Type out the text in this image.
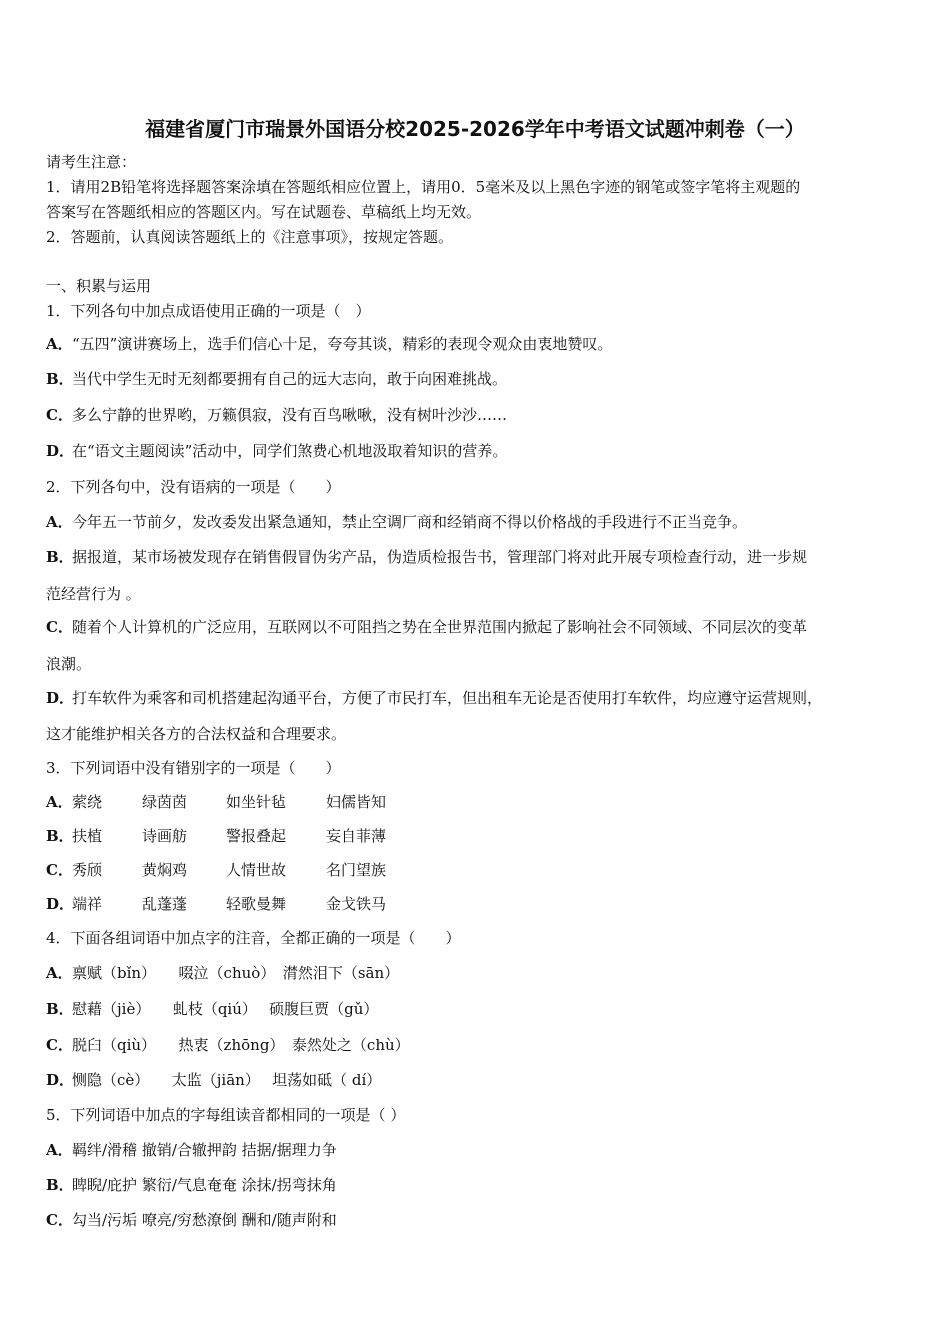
福建省厦门市瑞景外国语分校2025-2026学年中考语文试题冲刺卷（一）
请考生注意：
1．请用2B铅笔将选择题答案涂填在答题纸相应位置上，请用0．5毫米及以上黑色字迹的钢笔或签字笔将主观题的
答案写在答题纸相应的答题区内。写在试题卷、草稿纸上均无效。
2．答题前，认真阅读答题纸上的《注意事项》，按规定答题。
一、积累与运用
1．下列各句中加点成语使用正确的一项是（　）
A．“五四”演讲赛场上，选手们信心十足，夸夸其谈，精彩的表现令观众由衷地赞叹。
B．当代中学生无时无刻都要拥有自己的远大志向，敢于向困难挑战。
C．多么宁静的世界哟，万籁俱寂，没有百鸟啾啾，没有树叶沙沙……
D．在“语文主题阅读”活动中，同学们煞费心机地汲取着知识的营养。
2．下列各句中，没有语病的一项是（　　）
A．今年五一节前夕，发改委发出紧急通知，禁止空调厂商和经销商不得以价格战的手段进行不正当竞争。
B．据报道，某市场被发现存在销售假冒伪劣产品，伪造质检报告书，管理部门将对此开展专项检查行动，进一步规
范经营行为 。
C．随着个人计算机的广泛应用，互联网以不可阻挡之势在全世界范围内掀起了影响社会不同领域、不同层次的变革
浪潮。
D．打车软件为乘客和司机搭建起沟通平台，方便了市民打车，但出租车无论是否使用打车软件，均应遵守运营规则，
这才能维护相关各方的合法权益和合理要求。
3．下列词语中没有错别字的一项是（　　）
A．萦绕	绿茵茵	如坐针毡	妇儒皆知
B．扶植	诗画舫	警报叠起	妄自菲薄
C．秀颀	黄焖鸡	人情世故	名门望族
D．端祥	乱蓬蓬	轻歌曼舞	金戈铁马
4．下面各组词语中加点字的注音，全都正确的一项是（　　）
A．禀赋（bǐn）　　啜泣（chuò）　潸然泪下（sān）
B．慰藉（jiè）　　虬枝（qiú）　 硕腹巨贾（gǔ）
C．脱臼（qiù）　　热衷（zhōng）　泰然处之（chù）
D．恻隐（cè）　　太监（jiān）　 坦荡如砥（ dí）
5．下列词语中加点的字每组读音都相同的一项是（ ）
A．羁绊/滑稽 撤销/合辙押韵 拮据/据理力争
B．睥睨/庇护 繁衍/气息奄奄 涂抹/拐弯抹角
C．勾当/污垢 嘹亮/穷愁潦倒 酬和/随声附和
